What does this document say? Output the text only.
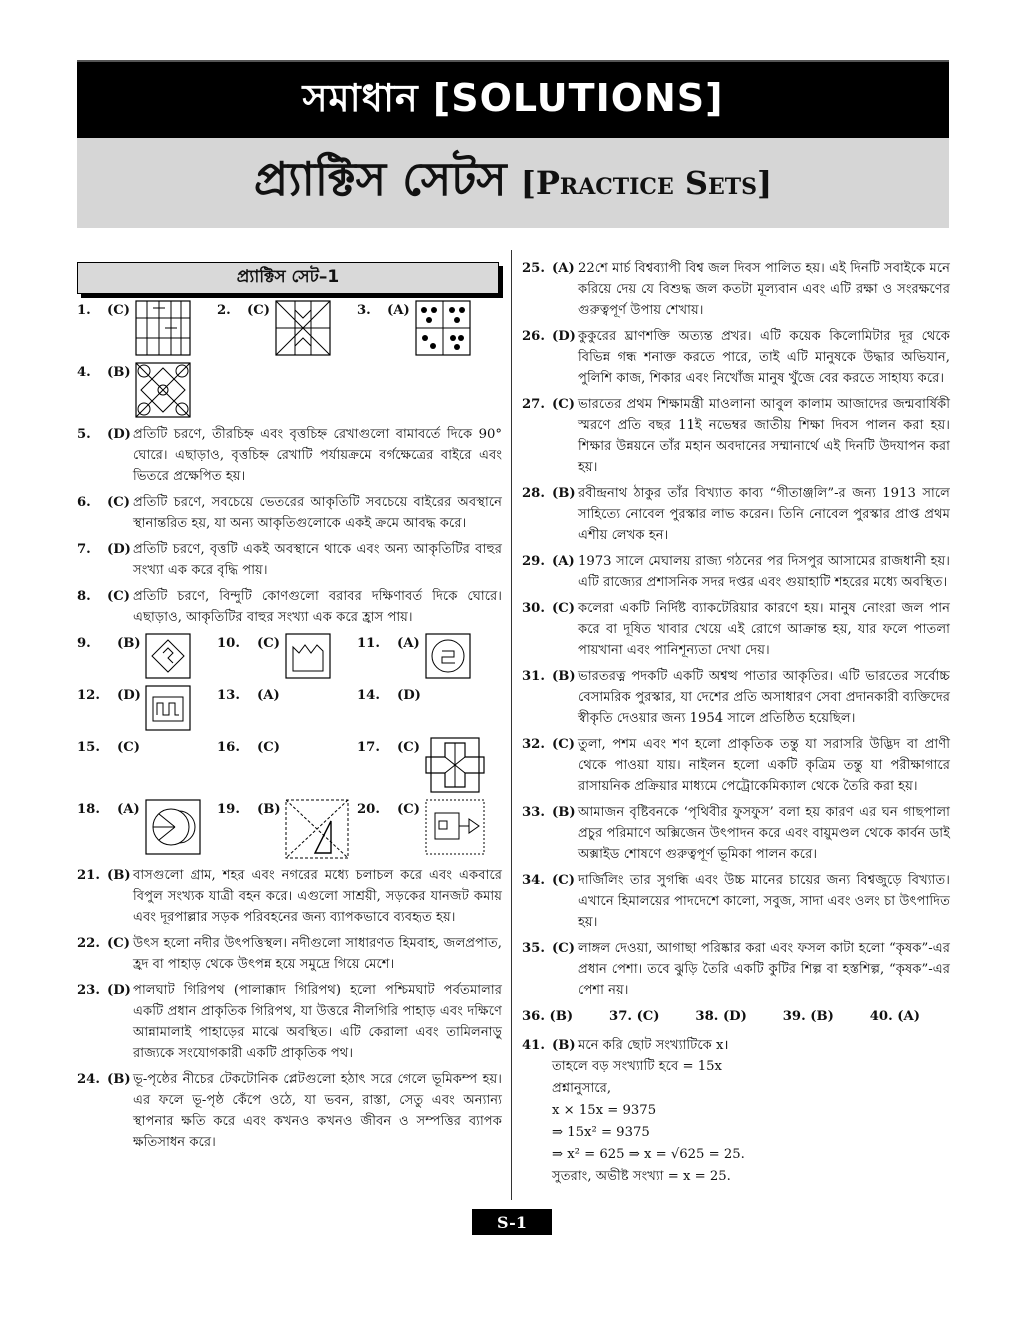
সমাধান [SOLUTIONS]
প্র্যাক্টিস সেটস [Practice Sets]
প্র্যাক্টিস সেট–1
1.	(C)	2.	(C)	3.	(A)
4.	(B)
5.	(D) প্রতিটি চরণে, তীরচিহ্ন এবং বৃত্তচিহ্ন রেখাগুলো বামাবর্তে দিকে 90° ঘোরে। এছাড়াও, বৃত্তচিহ্ন রেখাটি পর্যায়ক্রমে বর্গক্ষেত্রের বাইরে এবং ভিতরে প্রক্ষেপিত হয়।
6.	(C) প্রতিটি চরণে, সবচেয়ে ভেতরের আকৃতিটি সবচেয়ে বাইরের অবস্থানে স্থানান্তরিত হয়, যা অন্য আকৃতিগুলোকে একই ক্রমে আবদ্ধ করে।
7.	(D) প্রতিটি চরণে, বৃত্তটি একই অবস্থানে থাকে এবং অন্য আকৃতিটির বাহুর সংখ্যা এক করে বৃদ্ধি পায়।
8.	(C) প্রতিটি চরণে, বিন্দুটি কোণগুলো বরাবর দক্ষিণাবর্ত দিকে ঘোরে। এছাড়াও, আকৃতিটির বাহুর সংখ্যা এক করে হ্রাস পায়।
9.	(B)	10.	(C)	11.	(A)
12.	(D)	13.	(A)	14.	(D)
15.	(C)	16.	(C)	17.	(C)
18.	(A)	19.	(B)	20.	(C)
21. (B) বাসগুলো গ্রাম, শহর এবং নগরের মধ্যে চলাচল করে এবং একবারে বিপুল সংখ্যক যাত্রী বহন করে। এগুলো সাশ্রয়ী, সড়কের যানজট কমায় এবং দূরপাল্লার সড়ক পরিবহনের জন্য ব্যাপকভাবে ব্যবহৃত হয়।
22. (C) উৎস হলো নদীর উৎপত্তিস্থল। নদীগুলো সাধারণত হিমবাহ, জলপ্রপাত, হ্রদ বা পাহাড় থেকে উৎপন্ন হয়ে সমুদ্রে গিয়ে মেশে।
23. (D) পালঘাট গিরিপথ (পালাক্কাদ গিরিপথ) হলো পশ্চিমঘাট পর্বতমালার একটি প্রধান প্রাকৃতিক গিরিপথ, যা উত্তরে নীলগিরি পাহাড় এবং দক্ষিণে আন্নামালাই পাহাড়ের মাঝে অবস্থিত। এটি কেরালা এবং তামিলনাড়ু রাজ্যকে সংযোগকারী একটি প্রাকৃতিক পথ।
24. (B) ভূ-পৃষ্ঠের নীচের টেকটোনিক প্লেটগুলো হঠাৎ সরে গেলে ভূমিকম্প হয়। এর ফলে ভূ-পৃষ্ঠ কেঁপে ওঠে, যা ভবন, রাস্তা, সেতু এবং অন্যান্য স্থাপনার ক্ষতি করে এবং কখনও কখনও জীবন ও সম্পত্তির ব্যাপক ক্ষতিসাধন করে।
25. (A) 22শে মার্চ বিশ্বব্যাপী বিশ্ব জল দিবস পালিত হয়। এই দিনটি সবাইকে মনে করিয়ে দেয় যে বিশুদ্ধ জল কতটা মূল্যবান এবং এটি রক্ষা ও সংরক্ষণের গুরুত্বপূর্ণ উপায় শেখায়।
26. (D) কুকুরের ঘ্রাণশক্তি অত্যন্ত প্রখর। এটি কয়েক কিলোমিটার দূর থেকে বিভিন্ন গন্ধ শনাক্ত করতে পারে, তাই এটি মানুষকে উদ্ধার অভিযান, পুলিশি কাজ, শিকার এবং নিখোঁজ মানুষ খুঁজে বের করতে সাহায্য করে।
27. (C) ভারতের প্রথম শিক্ষামন্ত্রী মাওলানা আবুল কালাম আজাদের জন্মবার্ষিকী স্মরণে প্রতি বছর 11ই নভেম্বর জাতীয় শিক্ষা দিবস পালন করা হয়। শিক্ষার উন্নয়নে তাঁর মহান অবদানের সম্মানার্থে এই দিনটি উদযাপন করা হয়।
28. (B) রবীন্দ্রনাথ ঠাকুর তাঁর বিখ্যাত কাব্য “গীতাঞ্জলি”-র জন্য 1913 সালে সাহিত্যে নোবেল পুরস্কার লাভ করেন। তিনি নোবেল পুরস্কার প্রাপ্ত প্রথম এশীয় লেখক হন।
29. (A) 1973 সালে মেঘালয় রাজ্য গঠনের পর দিসপুর আসামের রাজধানী হয়। এটি রাজ্যের প্রশাসনিক সদর দপ্তর এবং গুয়াহাটি শহরের মধ্যে অবস্থিত।
30. (C) কলেরা একটি নির্দিষ্ট ব্যাকটেরিয়ার কারণে হয়। মানুষ নোংরা জল পান করে বা দূষিত খাবার খেয়ে এই রোগে আক্রান্ত হয়, যার ফলে পাতলা পায়খানা এবং পানিশূন্যতা দেখা দেয়।
31. (B) ভারতরত্ন পদকটি একটি অশ্বত্থ পাতার আকৃতির। এটি ভারতের সর্বোচ্চ বেসামরিক পুরস্কার, যা দেশের প্রতি অসাধারণ সেবা প্রদানকারী ব্যক্তিদের স্বীকৃতি দেওয়ার জন্য 1954 সালে প্রতিষ্ঠিত হয়েছিল।
32. (C) তুলা, পশম এবং শণ হলো প্রাকৃতিক তন্তু যা সরাসরি উদ্ভিদ বা প্রাণী থেকে পাওয়া যায়। নাইলন হলো একটি কৃত্রিম তন্তু যা পরীক্ষাগারে রাসায়নিক প্রক্রিয়ার মাধ্যমে পেট্রোকেমিক্যাল থেকে তৈরি করা হয়।
33. (B) আমাজন বৃষ্টিবনকে ‘পৃথিবীর ফুসফুস’ বলা হয় কারণ এর ঘন গাছপালা প্রচুর পরিমাণে অক্সিজেন উৎপাদন করে এবং বায়ুমণ্ডল থেকে কার্বন ডাই অক্সাইড শোষণে গুরুত্বপূর্ণ ভূমিকা পালন করে।
34. (C) দার্জিলিং তার সুগন্ধি এবং উচ্চ মানের চায়ের জন্য বিশ্বজুড়ে বিখ্যাত। এখানে হিমালয়ের পাদদেশে কালো, সবুজ, সাদা এবং ওলং চা উৎপাদিত হয়।
35. (C) লাঙ্গল দেওয়া, আগাছা পরিষ্কার করা এবং ফসল কাটা হলো “কৃষক”-এর প্রধান পেশা। তবে ঝুড়ি তৈরি একটি কুটির শিল্প বা হস্তশিল্প, “কৃষক”-এর পেশা নয়।
36. (B)	37. (C)	38. (D)	39. (B)	40. (A)
41. (B) মনে করি ছোট সংখ্যাটিকে x।
তাহলে বড় সংখ্যাটি হবে = 15x
প্রশ্নানুসারে,
x × 15x = 9375
⇒ 15x² = 9375
⇒ x² = 625 ⇒ x = √625 = 25.
সুতরাং, অভীষ্ট সংখ্যা = x = 25.
S-1
